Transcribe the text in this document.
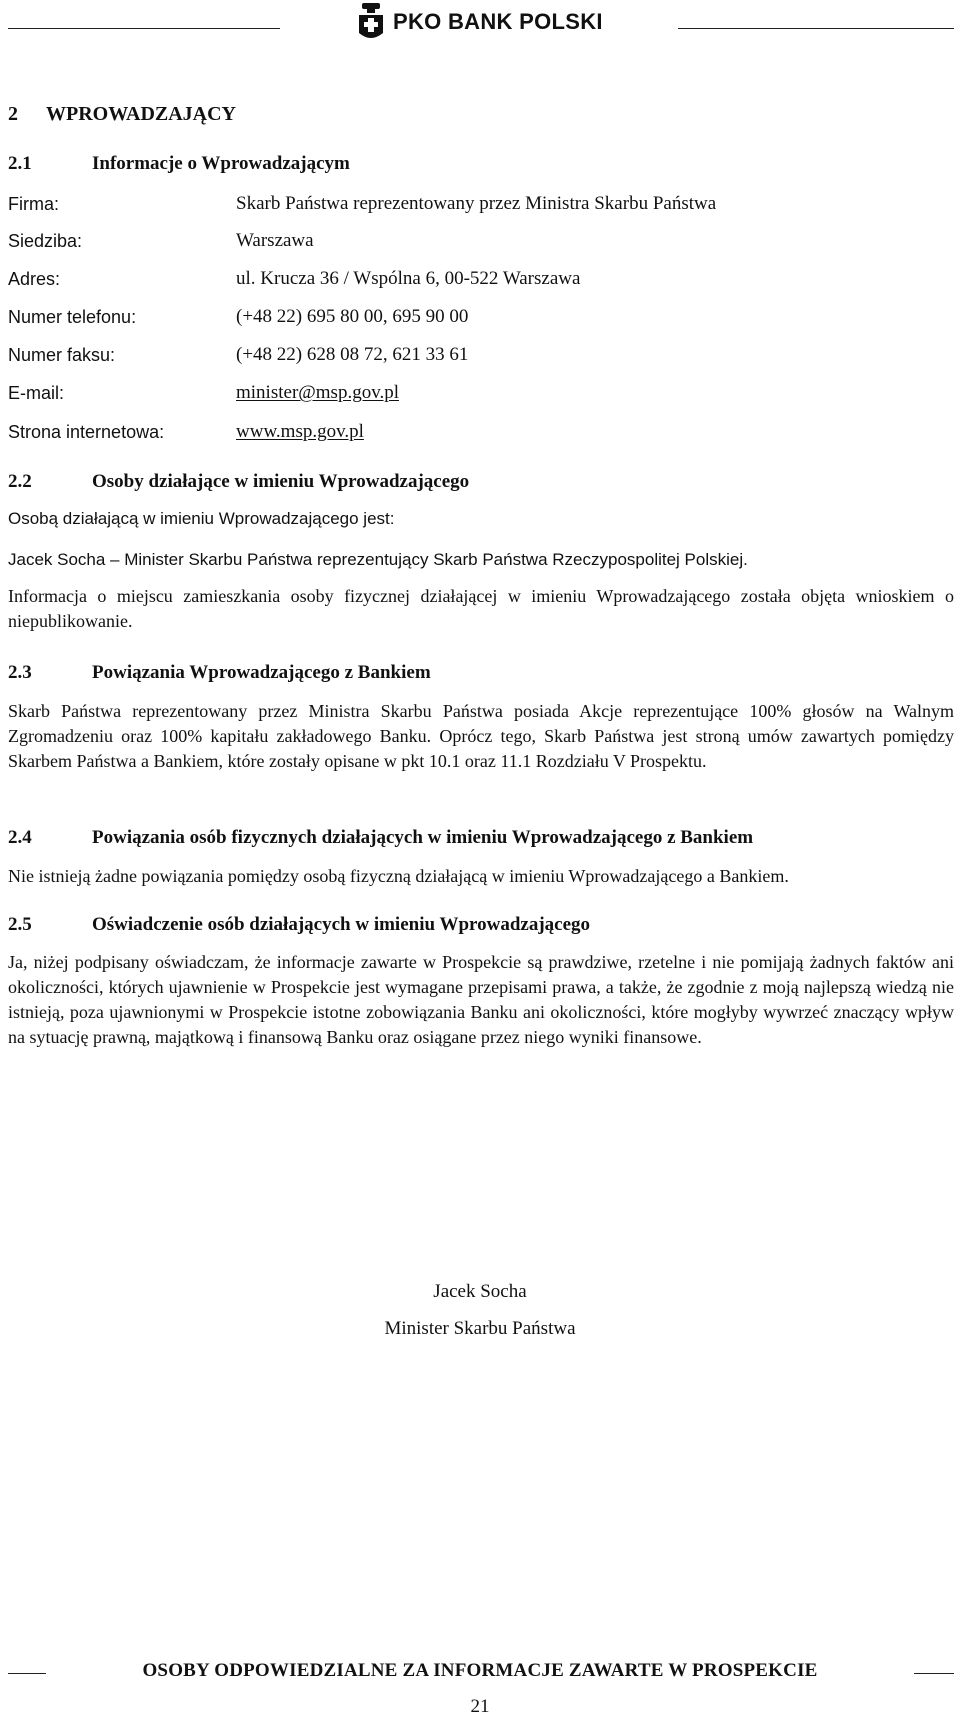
PKO BANK POLSKI
2 WPROWADZAJĄCY
2.1	Informacje o Wprowadzającym
Firma:	Skarb Państwa reprezentowany przez Ministra Skarbu Państwa
Siedziba:	Warszawa
Adres:	ul. Krucza 36 / Wspólna 6, 00-522 Warszawa
Numer telefonu:	(+48 22) 695 80 00, 695 90 00
Numer faksu:	(+48 22) 628 08 72, 621 33 61
E-mail:	minister@msp.gov.pl
Strona internetowa:	www.msp.gov.pl
2.2	Osoby działające w imieniu Wprowadzającego
Osobą działającą w imieniu Wprowadzającego jest:
Jacek Socha – Minister Skarbu Państwa reprezentujący Skarb Państwa Rzeczypospolitej Polskiej.
Informacja o miejscu zamieszkania osoby fizycznej działającej w imieniu Wprowadzającego została objęta wnioskiem o niepublikowanie.
2.3	Powiązania Wprowadzającego z Bankiem
Skarb Państwa reprezentowany przez Ministra Skarbu Państwa posiada Akcje reprezentujące 100% głosów na Walnym Zgromadzeniu oraz 100% kapitału zakładowego Banku. Oprócz tego, Skarb Państwa jest stroną umów zawartych pomiędzy Skarbem Państwa a Bankiem, które zostały opisane w pkt 10.1 oraz 11.1 Rozdziału V Prospektu.
2.4	Powiązania osób fizycznych działających w imieniu Wprowadzającego z Bankiem
Nie istnieją żadne powiązania pomiędzy osobą fizyczną działającą w imieniu Wprowadzającego a Bankiem.
2.5	Oświadczenie osób działających w imieniu Wprowadzającego
Ja, niżej podpisany oświadczam, że informacje zawarte w Prospekcie są prawdziwe, rzetelne i nie pomijają żadnych faktów ani okoliczności, których ujawnienie w Prospekcie jest wymagane przepisami prawa, a także, że zgodnie z moją najlepszą wiedzą nie istnieją, poza ujawnionymi w Prospekcie istotne zobowiązania Banku ani okoliczności, które mogłyby wywrzeć znaczący wpływ na sytuację prawną, majątkową i finansową Banku oraz osiągane przez niego wyniki finansowe.
Jacek Socha
Minister Skarbu Państwa
OSOBY ODPOWIEDZIALNE ZA INFORMACJE ZAWARTE W PROSPEKCIE
21
